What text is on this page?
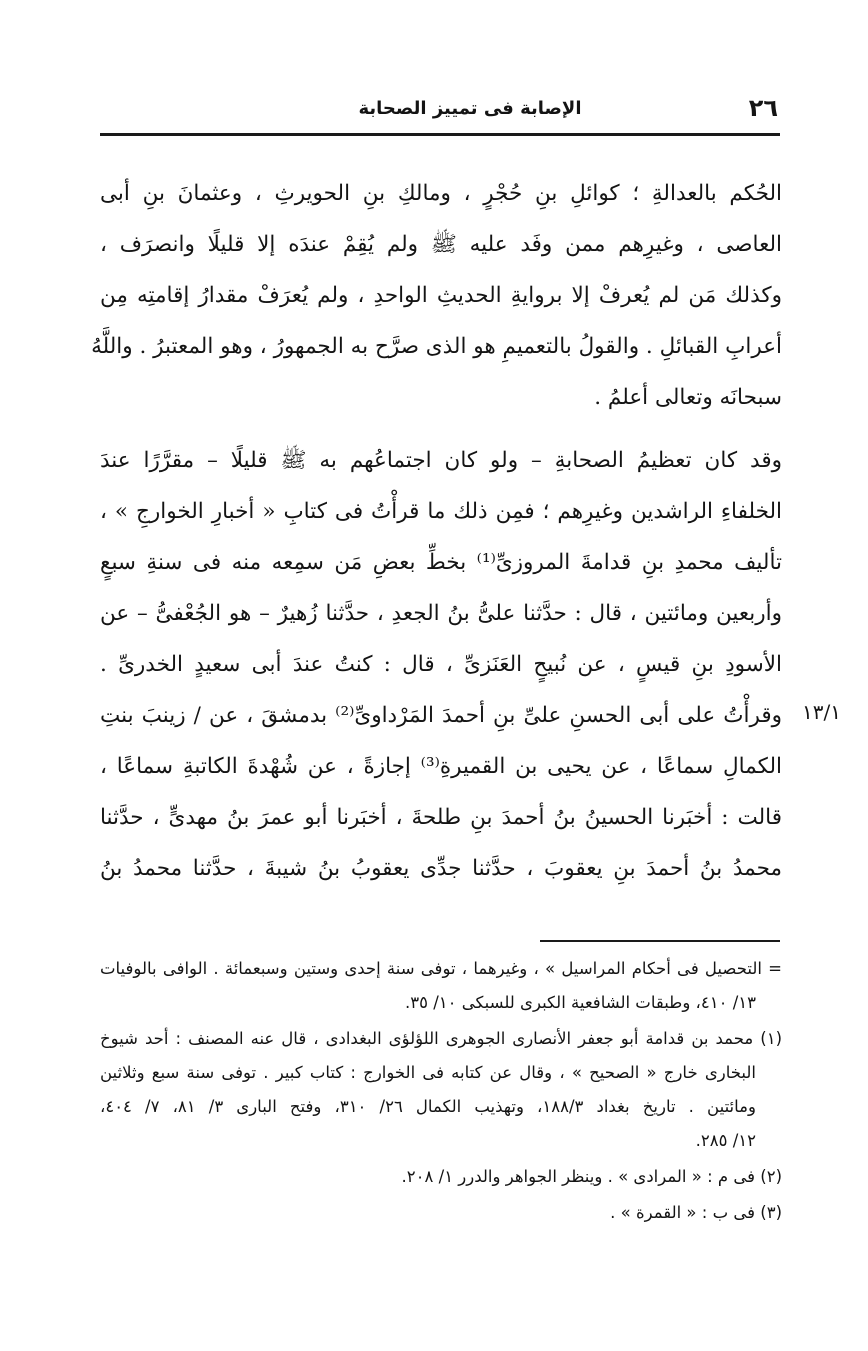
٢٦
الإصابة فى تمييز الصحابة
الحُكم بالعدالةِ ؛ كوائلِ بنِ حُجْرٍ ، ومالكِ بنِ الحويرثِ ، وعثمانَ بنِ أبى
العاصى ، وغيرِهم ممن وفَد عليه ﷺ ولم يُقِمْ عندَه إلا قليلًا وانصرَف ،
وكذلك مَن لم يُعرفْ إلا بروايةِ الحديثِ الواحدِ ، ولم يُعرَفْ مقدارُ إقامتِه مِن
أعرابِ القبائلِ . والقولُ بالتعميمِ هو الذى صرَّح به الجمهورُ ، وهو المعتبرُ . واللَّهُ
سبحانَه وتعالى أعلمُ .
وقد كان تعظيمُ الصحابةِ – ولو كان اجتماعُهم به ﷺ قليلًا – مقرَّرًا عندَ
الخلفاءِ الراشدين وغيرِهم ؛ فمِن ذلك ما قرأْتُ فى كتابِ « أخبارِ الخوارجِ » ،
تأليف محمدِ بنِ قدامةَ المروزىِّ⁽¹⁾ بخطِّ بعضِ مَن سمِعه منه فى سنةِ سبعٍ
وأربعين ومائتين ، قال : حدَّثنا علىُّ بنُ الجعدِ ، حدَّثنا زُهيرٌ – هو الجُعْفىُّ – عن
الأسودِ بنِ قيسٍ ، عن نُبيحٍ العَنَزىِّ ، قال : كنتُ عندَ أبى سعيدٍ الخدرىِّ .
وقرأْتُ على أبى الحسنِ علىِّ بنِ أحمدَ المَرْداوىِّ⁽²⁾ بدمشقَ ، عن / زينبَ بنتِ
الكمالِ سماعًا ، عن يحيى بن القميرةِ⁽³⁾ إجازةً ، عن شُهْدةَ الكاتبةِ سماعًا ،
قالت : أخبَرنا الحسينُ بنُ أحمدَ بنِ طلحةَ ، أخبَرنا أبو عمرَ بنُ مهدىٍّ ، حدَّثنا
محمدُ بنُ أحمدَ بنِ يعقوبَ ، حدَّثنا جدِّى يعقوبُ بنُ شيبةَ ، حدَّثنا محمدُ بنُ
١٣/١
= التحصيل فى أحكام المراسيل » ، وغيرهما ، توفى سنة إحدى وستين وسبعمائة . الوافى بالوفيات
١٣/ ٤١٠، وطبقات الشافعية الكبرى للسبكى ١٠/ ٣٥.
(١) محمد بن قدامة أبو جعفر الأنصارى الجوهرى اللؤلؤى البغدادى ، قال عنه المصنف : أحد شيوخ
البخارى خارج « الصحيح » ، وقال عن كتابه فى الخوارج : كتاب كبير . توفى سنة سبع وثلاثين
ومائتين . تاريخ بغداد ١٨٨/٣، وتهذيب الكمال ٢٦/ ٣١٠، وفتح البارى ٣/ ٨١، ٧/ ٤٠٤،
١٢/ ٢٨٥.
(٢) فى م : « المرادى » . وينظر الجواهر والدرر ١/ ٢٠٨.
(٣) فى ب : « القمرة » .
